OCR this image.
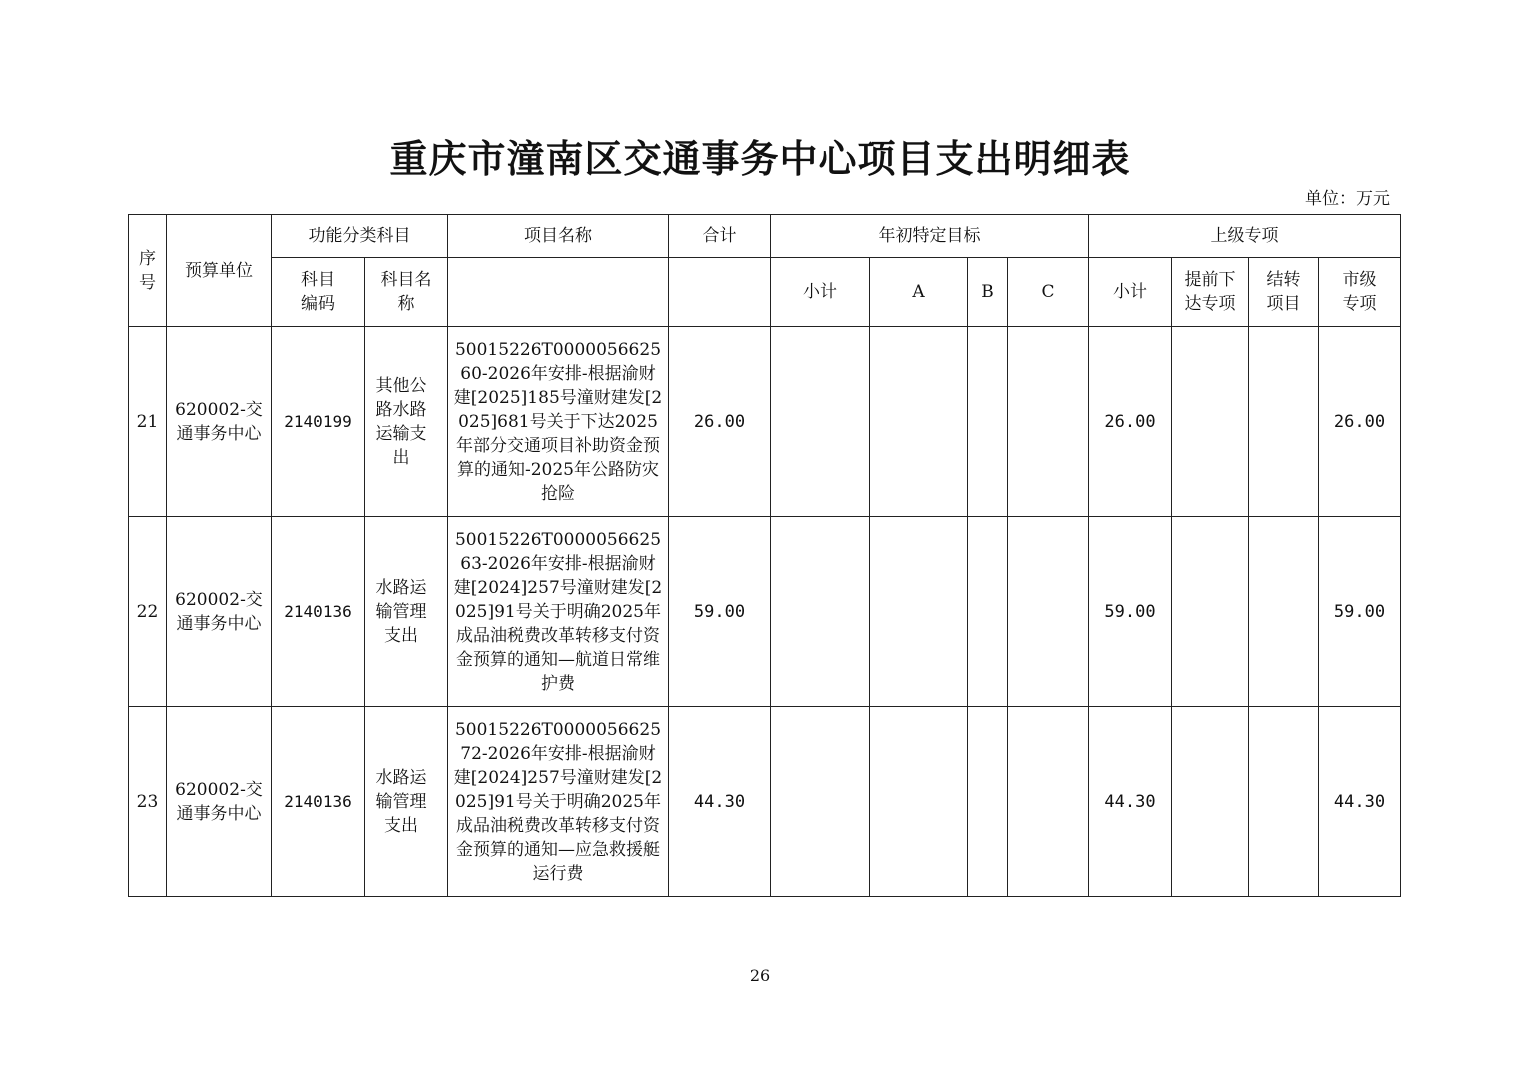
重庆市潼南区交通事务中心项目支出明细表
单位：万元
序号	预算单位	功能分类科目		项目名称	合计	年初特定目标				上级专项			
		科目编码	科目名称			小计	A	B	C	小计	提前下达专项	结转项目	市级专项
21	620002-交通事务中心	2140199	其他公路水路运输支出	50015226T000005662560-2026年安排-根据渝财建[2025]185号潼财建发[2025]681号关于下达2025年部分交通项目补助资金预算的通知-2025年公路防灾抢险	26.00					26.00			26.00
22	620002-交通事务中心	2140136	水路运输管理支出	50015226T000005662563-2026年安排-根据渝财建[2024]257号潼财建发[2025]91号关于明确2025年成品油税费改革转移支付资金预算的通知—航道日常维护费	59.00					59.00			59.00
23	620002-交通事务中心	2140136	水路运输管理支出	50015226T000005662572-2026年安排-根据渝财建[2024]257号潼财建发[2025]91号关于明确2025年成品油税费改革转移支付资金预算的通知—应急救援艇运行费	44.30					44.30			44.30
26
